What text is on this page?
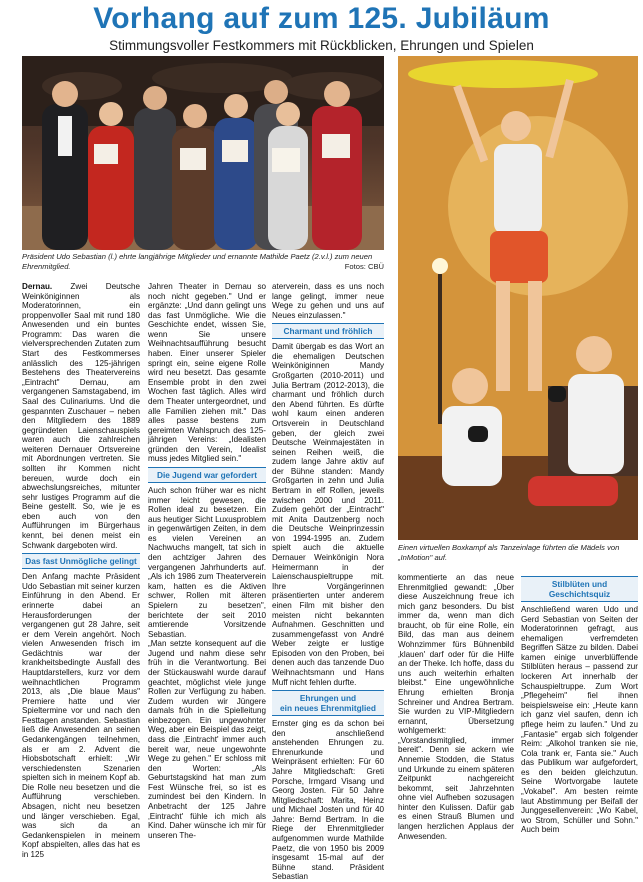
Vorhang auf zum 125. Jubiläum
Stimmungsvoller Festkommers mit Rückblicken, Ehrungen und Spielen
Präsident Udo Sebastian (l.) ehrte langjährige Mitglieder und ernannte Mathilde Paetz (2.v.l.) zum neuen Ehrenmitglied.	Fotos: CBÜ
Einen virtuellen Boxkampf als Tanzeinlage führten die Mädels von „InMotion" auf.

Dernau. Zwei Deutsche Weinköniginnen als Moderatorinnen, ein proppenvoller Saal mit rund 180 Anwesenden und ein buntes Programm: Das waren die vielversprechenden Zutaten zum Start des Festkommerses anlässlich des 125-jährigen Bestehens des Theatervereins „Eintracht" Dernau, am vergangenen Samstagabend, im Saal des Culinariums. Und die gespannten Zuschauer – neben den Mitgliedern des 1889 gegründeten Laienschauspiels waren auch die zahlreichen weiteren Dernauer Ortsvereine mit Abordnungen vertreten. Sie sollten ihr Kommen nicht bereuen, wurde doch ein abwechslungsreiches, mitunter sehr lustiges Programm auf die Beine gestellt. So, wie je es eben auch von den Aufführungen im Bürgerhaus kennt, bei denen meist ein Schwank dargeboten wird.

Das fast Unmögliche gelingt

Den Anfang machte Präsident Udo Sebastian mit seiner kurzen Einführung in den Abend. Er erinnerte dabei an Herausforderungen der vergangenen gut 28 Jahre, seit er dem Verein angehört. Noch vielen Anwesenden frisch im Gedächtnis war der krankheitsbedingte Ausfall des Hauptdarstellers, kurz vor dem weihnachtlichen Programm 2013, als „Die blaue Maus" Premiere hatte und vier Spieltermine vor und nach den Festtagen anstanden. Sebastian ließ die Anwesenden an seinen Gedankengängen teilnehmen, als er am 2. Advent die Hiobsbotschaft erhielt: „Wir verschiedensten Szenarien spielten sich in meinem Kopf ab. Die Rolle neu besetzen und die Aufführung verschieben. Absagen, nicht neu besetzen und länger verschieben. Egal, was sich da an Gedankenspielen in meinem Kopf abspielten, alles das hat es in 125

Jahren Theater in Dernau so noch nicht gegeben." Und er ergänzte: „Und dann gelingt uns das fast Unmögliche. Wie die Geschichte endet, wissen Sie, wenn Sie unsere Weihnachtsaufführung besucht haben. Einer unserer Spieler springt ein, seine eigene Rolle wird neu besetzt. Das gesamte Ensemble probt in den zwei Wochen fast täglich. Alles wird dem Theater untergeordnet, und alle Familien ziehen mit." Das alles passe bestens zum gereimten Wahlspruch des 125-jährigen Vereins: „Idealisten gründen den Verein, Idealist muss jedes Mitglied sein."

Die Jugend war gefordert

Auch schon früher war es nicht immer leicht gewesen, die Rollen ideal zu besetzen. Ein aus heutiger Sicht Luxusproblem in gegenwärtigen Zeiten, in dem es vielen Vereinen an Nachwuchs mangelt, tat sich in den achtziger Jahren des vergangenen Jahrhunderts auf. „Als ich 1986 zum Theaterverein kam, hatten es die Aktiven schwer, Rollen mit älteren Spielern zu besetzen", berichtete der seit 2010 amtierende Vorsitzende Sebastian.

„Man setzte konsequent auf die Jugend und nahm diese sehr früh in die Verantwortung. Bei der Stückauswahl wurde darauf geachtet, möglichst viele junge Rollen zur Verfügung zu haben. Zudem wurden wir Jüngere damals früh in die Spielleitung einbezogen. Ein ungewohnter Weg, aber ein Beispiel das zeigt, dass die ‚Eintracht' immer auch bereit war, neue ungewohnte Wege zu gehen." Er schloss mit den Worten: „Als Geburtstagskind hat man zum Fest Wünsche frei, so ist es zumindest bei den Kindern. In Anbetracht der 125 Jahre ‚Eintracht' fühle ich mich als Kind. Daher wünsche ich mir für unseren The-

aterverein, dass es uns noch lange gelingt, immer neue Wege zu gehen und uns auf Neues einzulassen."

Charmant und fröhlich

Damit übergab es das Wort an die ehemaligen Deutschen Weinköniginnen Mandy Großgarten (2010-2011) und Julia Bertram (2012-2013), die charmant und fröhlich durch den Abend führten. Es dürfte wohl kaum einen anderen Ortsverein in Deutschland geben, der gleich zwei Deutsche Weinmajestäten in seinen Reihen weiß, die zudem lange Jahre aktiv auf der Bühne standen: Mandy Großgarten in zehn und Julia Bertram in elf Rollen, jeweils zwischen 2000 und 2011. Zudem gehört der „Eintracht" mit Anita Dautzenberg noch die Deutsche Weinprinzessin von 1994-1995 an. Zudem spielt auch die aktuelle Dernauer Weinkönigin Nora Heimermann in der Laienschauspieltruppe mit. Ihre Vorgängerinnen präsentierten unter anderem einen Film mit bisher den meisten nicht bekannten Aufnahmen. Geschnitten und zusammengefasst von André Weber zeigte er lustige Episoden von den Proben, bei denen auch das tanzende Duo Weihnachtsmann und Hans Muff nicht fehlen durfte.

Ehrungen und
ein neues Ehrenmitglied

Ernster ging es da schon bei den anschließend anstehenden Ehrungen zu. Ehrenurkunde und Weinpräsent erhielten: Für 60 Jahre Mitgliedschaft: Greti Porsche, Irmgard Visang und Georg Josten. Für 50 Jahre Mitgliedschaft: Marita, Heinz und Michael Josten und für 40 Jahre: Bernd Bertram. In die Riege der Ehrenmitglieder aufgenommen wurde Mathilde Paetz, die von 1950 bis 2009 insgesamt 15-mal auf der Bühne stand. Präsident Sebastian

kommentierte an das neue Ehrenmitglied gewandt: „Über diese Auszeichnung freue ich mich ganz besonders. Du bist immer da, wenn man dich braucht, ob für eine Rolle, ein Bild, das man aus deinem Wohnzimmer fürs Bühnenbild ‚klauen' darf oder für die Hilfe an der Theke. Ich hoffe, dass du uns auch weiterhin erhalten bleibst." Eine ungewöhnliche Ehrung erhielten Bronja Schreiner und Andrea Bertram. Sie wurden zu VIP-Mitgliedern ernannt, Übersetzung wohlgemerkt: „Vorstandsmitglied, immer bereit". Denn sie ackern wie Annemie Stodden, die Status und Urkunde zu einem späteren Zeitpunkt nachgereicht bekommt, seit Jahrzehnten ohne viel Aufheben sozusagen hinter den Kulissen. Dafür gab es einen Strauß Blumen und langen herzlichen Applaus der Anwesenden.

Stilblüten und Geschichtsquiz

Anschließend waren Udo und Gerd Sebastian von Seiten der Moderatorinnen gefragt, aus ehemaligen verfremdeten Begriffen Sätze zu bilden. Dabei kamen einige unverblüffende Stilblüten heraus – passend zur lockeren Art innerhalb der Schauspieltruppe. Zum Wort „Pflegeheim" fiel ihnen beispielsweise ein: „Heute kann ich ganz viel saufen, denn ich pflege heim zu laufen." Und zu „Fantasie" ergab sich folgender Reim: „Alkohol tranken sie nie, Cola trank er, Fanta sie." Auch das Publikum war aufgefordert, es den beiden gleichzutun. Seine Wortvorgabe lautete „Vokabel". Am besten reimte laut Abstimmung per Beifall der Junggesellenverein: „Wo Kabel, wo Strom, Schüller und Sohn." Auch beim
